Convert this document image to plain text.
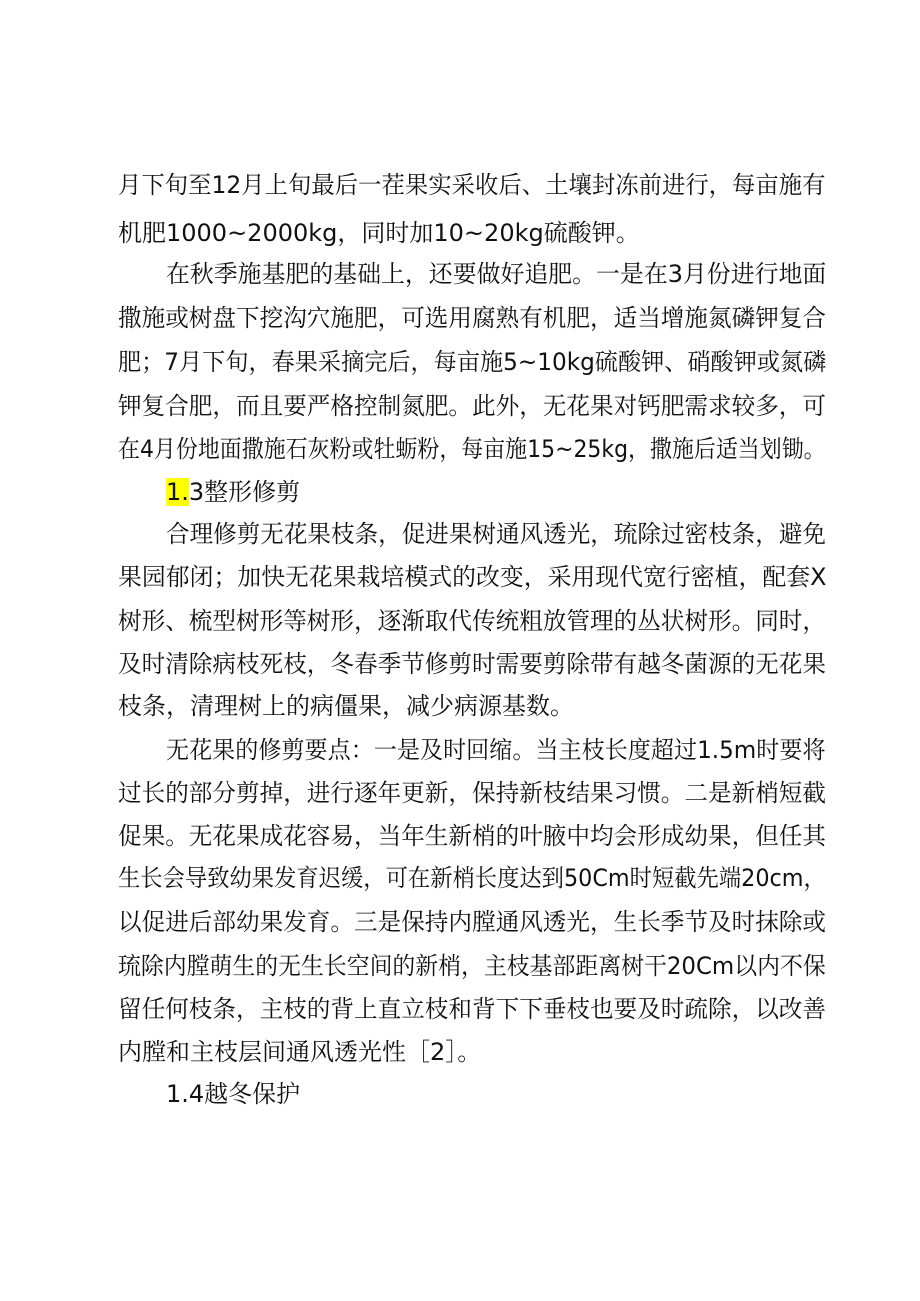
月下旬至12月上旬最后一茬果实采收后、土壤封冻前进行，每亩施有
机肥1000~2000kg，同时加10~20kg硫酸钾。
在秋季施基肥的基础上，还要做好追肥。一是在3月份进行地面
撒施或树盘下挖沟穴施肥，可选用腐熟有机肥，适当增施氮磷钾复合
肥；7月下旬，春果采摘完后，每亩施5~10kg硫酸钾、硝酸钾或氮磷
钾复合肥，而且要严格控制氮肥。此外，无花果对钙肥需求较多，可
在4月份地面撒施石灰粉或牡蛎粉，每亩施15~25kg，撒施后适当划锄。
1.3整形修剪
合理修剪无花果枝条，促进果树通风透光，琉除过密枝条，避免
果园郁闭；加快无花果栽培模式的改变，采用现代宽行密植，配套X
树形、梳型树形等树形，逐渐取代传统粗放管理的丛状树形。同时，
及时清除病枝死枝，冬春季节修剪时需要剪除带有越冬菌源的无花果
枝条，清理树上的病僵果，减少病源基数。
无花果的修剪要点：一是及时回缩。当主枝长度超过1.5m时要将
过长的部分剪掉，进行逐年更新，保持新枝结果习惯。二是新梢短截
促果。无花果成花容易，当年生新梢的叶腋中均会形成幼果，但任其
生长会导致幼果发育迟缓，可在新梢长度达到50Cm时短截先端20cm，
以促进后部幼果发育。三是保持内膛通风透光，生长季节及时抹除或
琉除内膛萌生的无生长空间的新梢，主枝基部距离树干20Cm以内不保
留任何枝条，主枝的背上直立枝和背下下垂枝也要及时疏除，以改善
内膛和主枝层间通风透光性［2］。
1.4越冬保护
